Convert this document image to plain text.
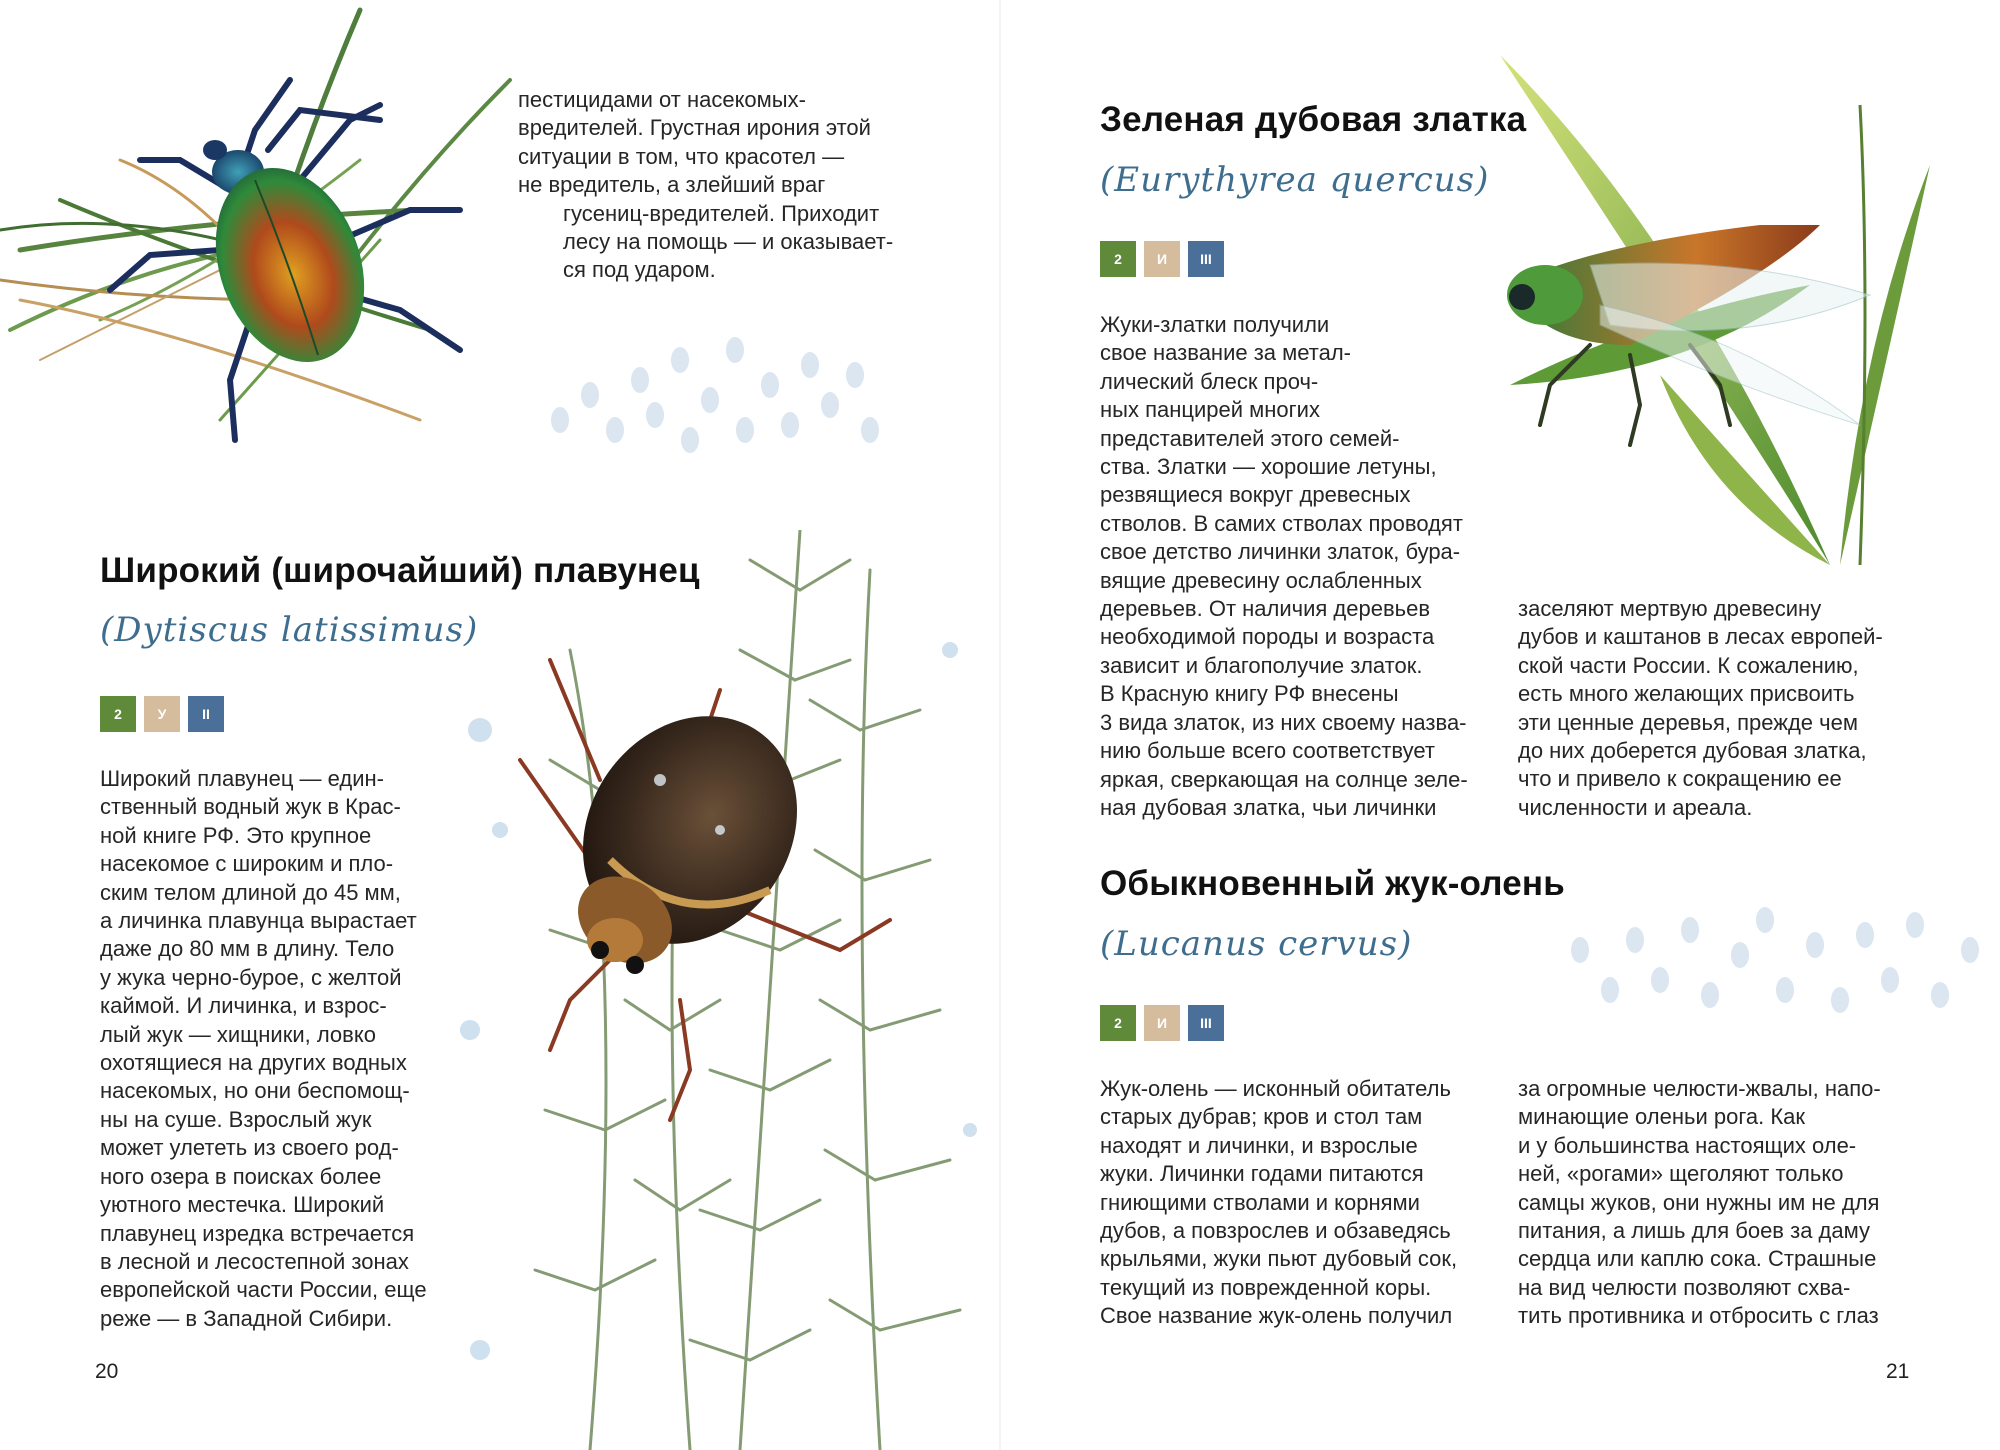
пестицидами от насекомых-
вредителей. Грустная ирония этой
ситуации в том, что красотел —
не вредитель, а злейший враг
гусениц-вредителей. Приходит
лесу на помощь — и оказывает-
ся под ударом.
Широкий (широчайший) плавунец
(Dytiscus latissimus)
2	У	II
Широкий плавунец — един-
ственный водный жук в Крас-
ной книге РФ. Это крупное
насекомое с широким и пло-
ским телом длиной до 45 мм,
а личинка плавунца вырастает
даже до 80 мм в длину. Тело
у жука черно-бурое, с желтой
каймой. И личинка, и взрос-
лый жук — хищники, ловко
охотящиеся на других водных
насекомых, но они беспомощ-
ны на суше. Взрослый жук
может улететь из своего род-
ного озера в поисках более
уютного местечка. Широкий
плавунец изредка встречается
в лесной и лесостепной зонах
европейской части России, еще
реже — в Западной Сибири.
20
Зеленая дубовая златка
(Eurythyrea quercus)
2	И	III
Жуки-златки получили
свое название за метал-
лический блеск проч-
ных панцирей многих
представителей этого семей-
ства. Златки — хорошие летуны,
резвящиеся вокруг древесных
стволов. В самих стволах проводят
свое детство личинки златок, бура-
вящие древесину ослабленных
деревьев. От наличия деревьев
необходимой породы и возраста
зависит и благополучие златок.
В Красную книгу РФ внесены
3 вида златок, из них своему назва-
нию больше всего соответствует
яркая, сверкающая на солнце зеле-
ная дубовая златка, чьи личинки
заселяют мертвую древесину
дубов и каштанов в лесах европей-
ской части России. К сожалению,
есть много желающих присвоить
эти ценные деревья, прежде чем
до них доберется дубовая златка,
что и привело к сокращению ее
численности и ареала.
Обыкновенный жук-олень
(Lucanus cervus)
2	И	III
Жук-олень — исконный обитатель
старых дубрав; кров и стол там
находят и личинки, и взрослые
жуки. Личинки годами питаются
гниющими стволами и корнями
дубов, а повзрослев и обзаведясь
крыльями, жуки пьют дубовый сок,
текущий из поврежденной коры.
Свое название жук-олень получил
за огромные челюсти-жвалы, напо-
минающие оленьи рога. Как
и у большинства настоящих оле-
ней, «рогами» щеголяют только
самцы жуков, они нужны им не для
питания, а лишь для боев за даму
сердца или каплю сока. Страшные
на вид челюсти позволяют схва-
тить противника и отбросить с глаз
21
